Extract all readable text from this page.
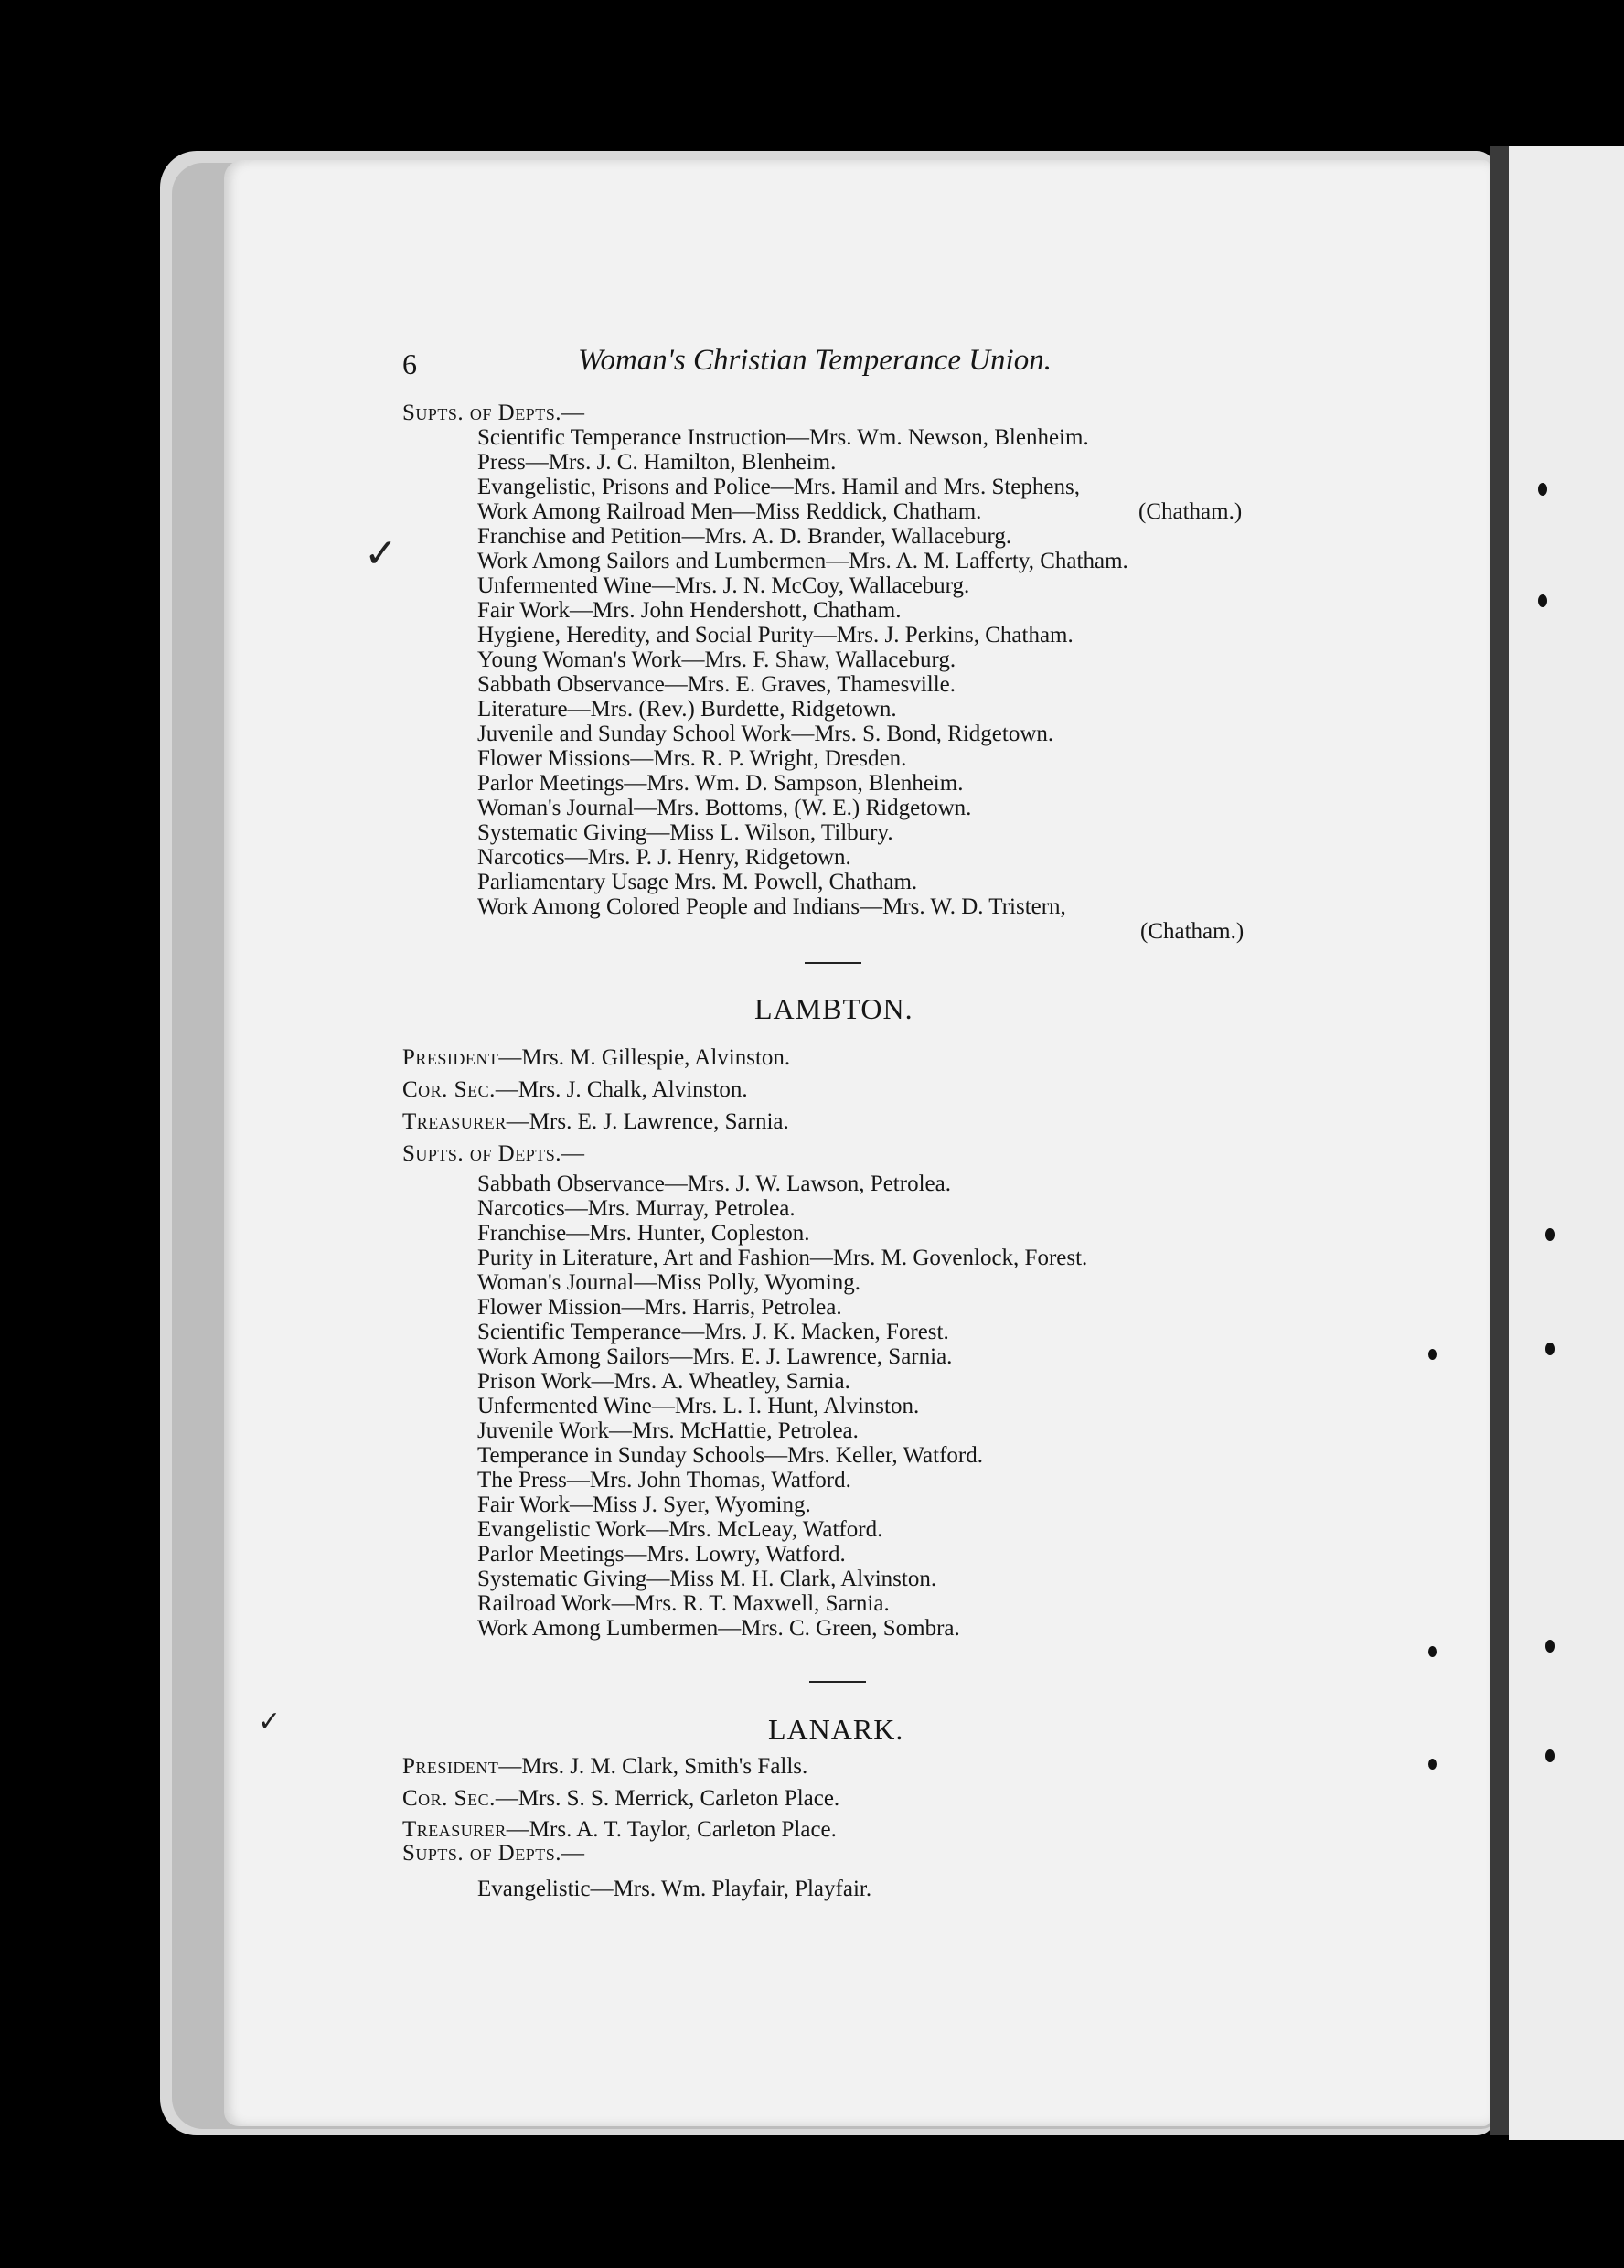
6	Woman's Christian Temperance Union.
Supts. of Depts.—
Scientific Temperance Instruction—Mrs. Wm. Newson, Blenheim.
Press—Mrs. J. C. Hamilton, Blenheim.
Evangelistic, Prisons and Police—Mrs. Hamil and Mrs. Stephens,
Work Among Railroad Men—Miss Reddick, Chatham.
Franchise and Petition—Mrs. A. D. Brander, Wallaceburg.
Work Among Sailors and Lumbermen—Mrs. A. M. Lafferty, Chatham.
Unfermented Wine—Mrs. J. N. McCoy, Wallaceburg.
Fair Work—Mrs. John Hendershott, Chatham.
Hygiene, Heredity, and Social Purity—Mrs. J. Perkins, Chatham.
Young Woman's Work—Mrs. F. Shaw, Wallaceburg.
Sabbath Observance—Mrs. E. Graves, Thamesville.
Literature—Mrs. (Rev.) Burdette, Ridgetown.
Juvenile and Sunday School Work—Mrs. S. Bond, Ridgetown.
Flower Missions—Mrs. R. P. Wright, Dresden.
Parlor Meetings—Mrs. Wm. D. Sampson, Blenheim.
Woman's Journal—Mrs. Bottoms, (W. E.) Ridgetown.
Systematic Giving—Miss L. Wilson, Tilbury.
Narcotics—Mrs. P. J. Henry, Ridgetown.
Parliamentary Usage Mrs. M. Powell, Chatham.
Work Among Colored People and Indians—Mrs. W. D. Tristern,
(Chatham.)
(Chatham.)
✓
LAMBTON.
President—Mrs. M. Gillespie, Alvinston.
Cor. Sec.—Mrs. J. Chalk, Alvinston.
Treasurer—Mrs. E. J. Lawrence, Sarnia.
Supts. of Depts.—
Sabbath Observance—Mrs. J. W. Lawson, Petrolea.
Narcotics—Mrs. Murray, Petrolea.
Franchise—Mrs. Hunter, Copleston.
Purity in Literature, Art and Fashion—Mrs. M. Govenlock, Forest.
Woman's Journal—Miss Polly, Wyoming.
Flower Mission—Mrs. Harris, Petrolea.
Scientific Temperance—Mrs. J. K. Macken, Forest.
Work Among Sailors—Mrs. E. J. Lawrence, Sarnia.
Prison Work—Mrs. A. Wheatley, Sarnia.
Unfermented Wine—Mrs. L. I. Hunt, Alvinston.
Juvenile Work—Mrs. McHattie, Petrolea.
Temperance in Sunday Schools—Mrs. Keller, Watford.
The Press—Mrs. John Thomas, Watford.
Fair Work—Miss J. Syer, Wyoming.
Evangelistic Work—Mrs. McLeay, Watford.
Parlor Meetings—Mrs. Lowry, Watford.
Systematic Giving—Miss M. H. Clark, Alvinston.
Railroad Work—Mrs. R. T. Maxwell, Sarnia.
Work Among Lumbermen—Mrs. C. Green, Sombra.
✓	LANARK.
President—Mrs. J. M. Clark, Smith's Falls.
Cor. Sec.—Mrs. S. S. Merrick, Carleton Place.
Treasurer—Mrs. A. T. Taylor, Carleton Place.
Supts. of Depts.—
Evangelistic—Mrs. Wm. Playfair, Playfair.
